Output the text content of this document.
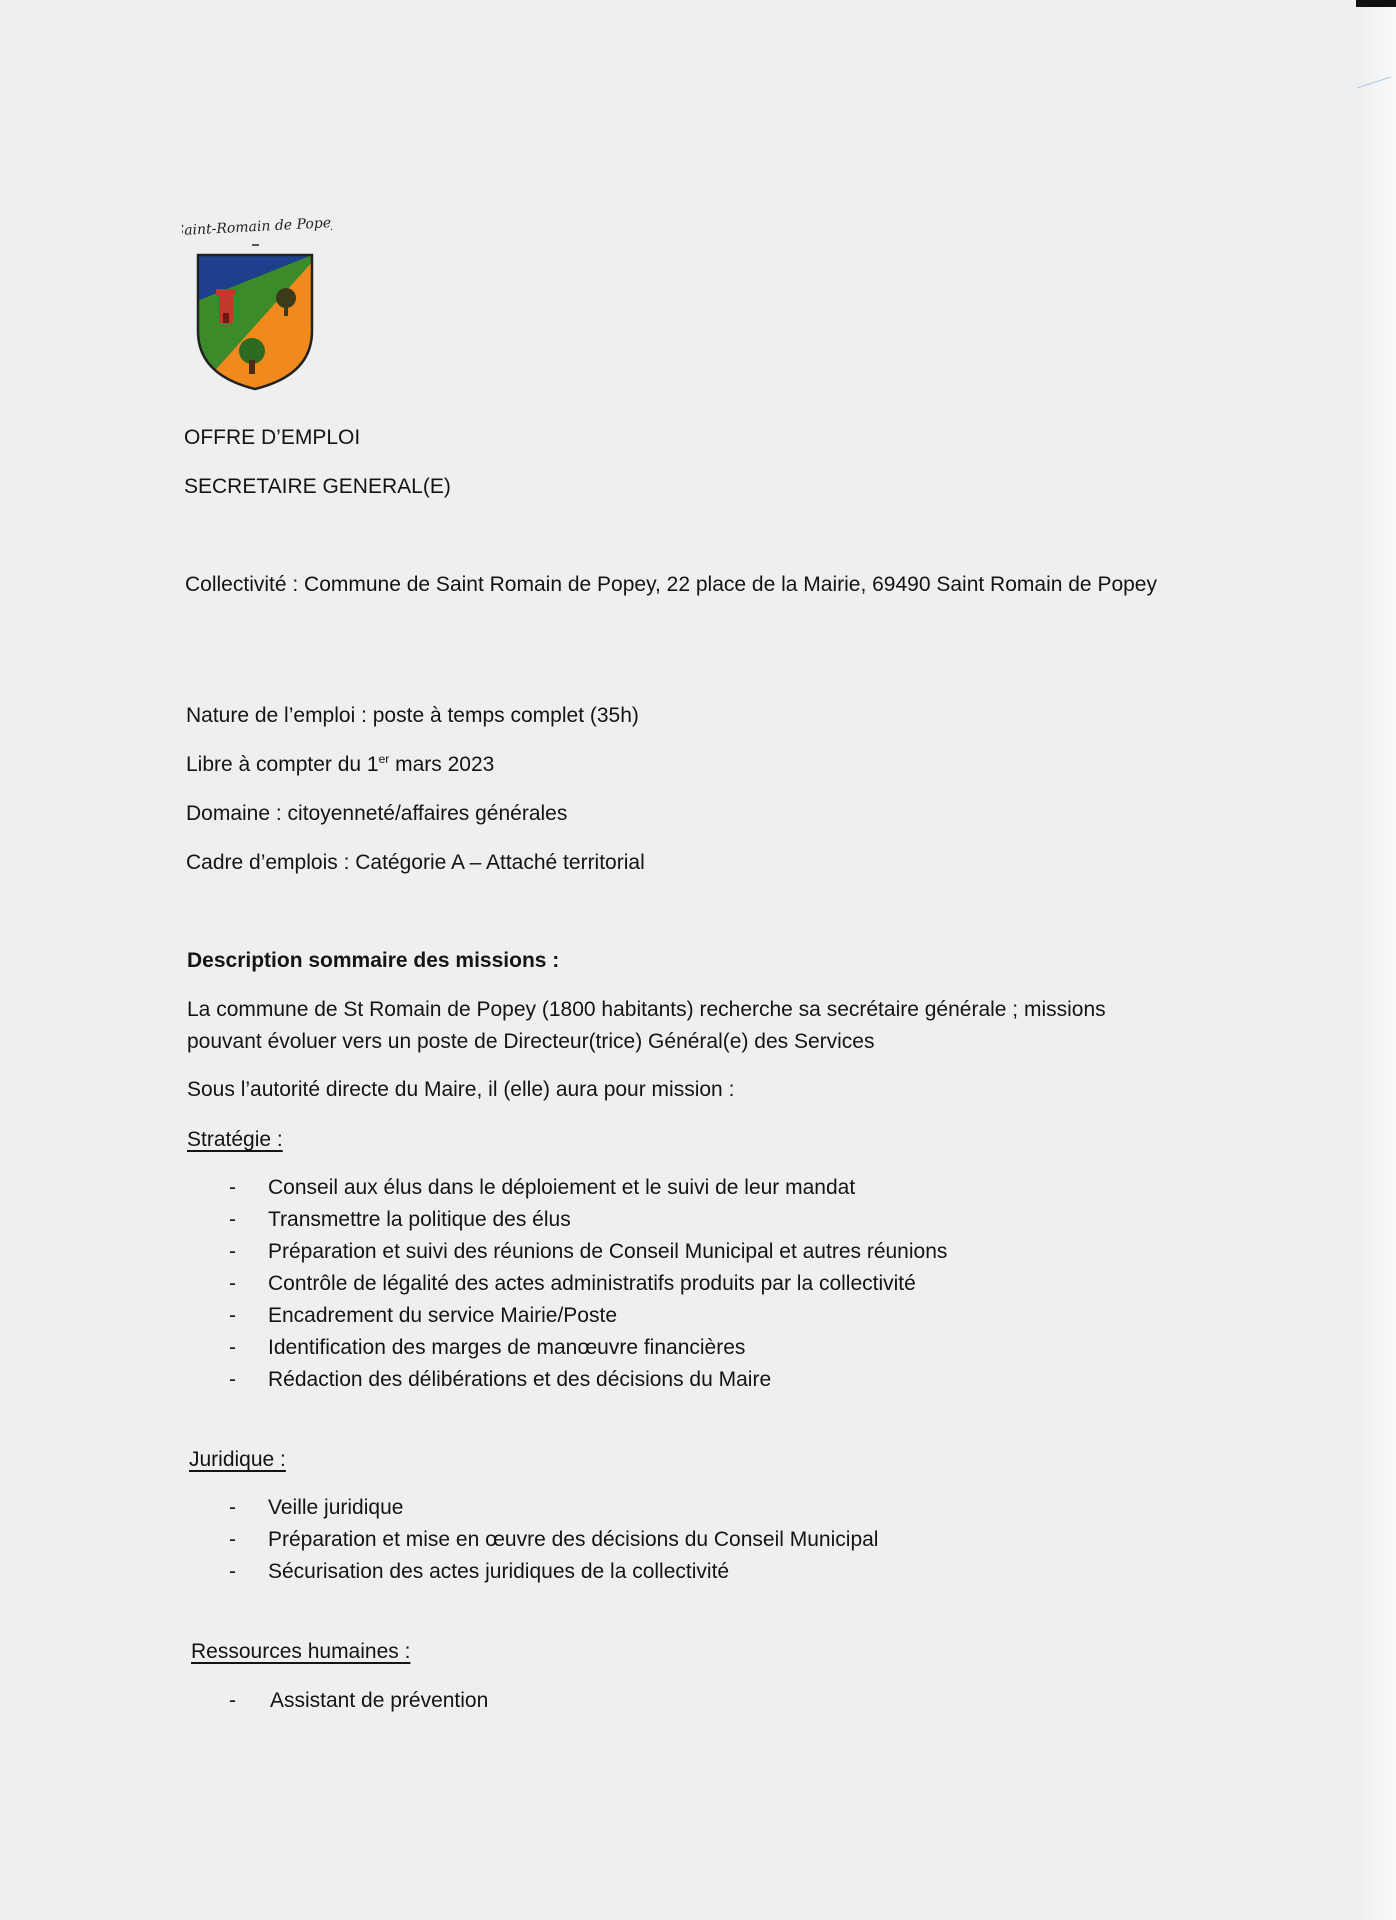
Saint-Romain de Popey
OFFRE D’EMPLOI
SECRETAIRE GENERAL(E)
Collectivité : Commune de Saint Romain de Popey, 22 place de la Mairie, 69490 Saint Romain de Popey
Nature de l’emploi : poste à temps complet (35h)
Libre à compter du 1er mars 2023
Domaine : citoyenneté/affaires générales
Cadre d’emplois : Catégorie A – Attaché territorial
Description sommaire des missions :
La commune de St Romain de Popey (1800 habitants) recherche sa secrétaire générale ; missions pouvant évoluer vers un poste de Directeur(trice) Général(e) des Services
Sous l’autorité directe du Maire, il (elle) aura pour mission :
Stratégie :
- Conseil aux élus dans le déploiement et le suivi de leur mandat
- Transmettre la politique des élus
- Préparation et suivi des réunions de Conseil Municipal et autres réunions
- Contrôle de légalité des actes administratifs produits par la collectivité
- Encadrement du service Mairie/Poste
- Identification des marges de manœuvre financières
- Rédaction des délibérations et des décisions du Maire
Juridique :
- Veille juridique
- Préparation et mise en œuvre des décisions du Conseil Municipal
- Sécurisation des actes juridiques de la collectivité
Ressources humaines :
- Assistant de prévention
